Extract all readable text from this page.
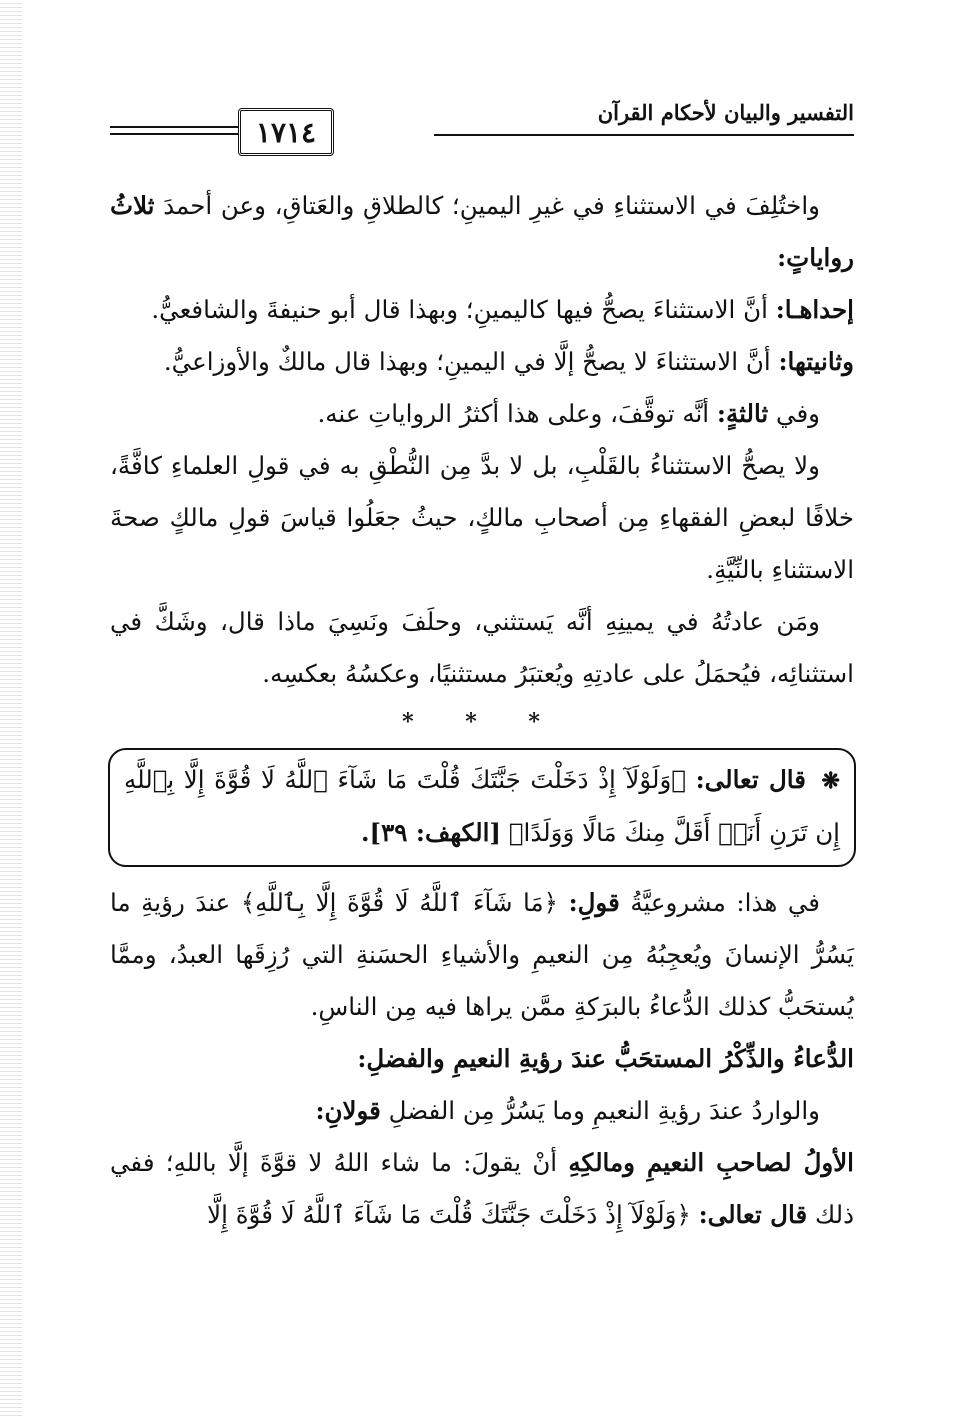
التفسير والبيان لأحكام القرآن
١٧١٤

واختُلِفَ في الاستثناءِ في غيرِ اليمينِ؛ كالطلاقِ والعَتاقِ، وعن أحمدَ ثلاثُ رواياتٍ:

إحداهـا: أنَّ الاستثناءَ يصحُّ فيها كاليمينِ؛ وبهذا قال أبو حنيفةَ والشافعيُّ.

وثانيتها: أنَّ الاستثناءَ لا يصحُّ إلَّا في اليمينِ؛ وبهذا قال مالكٌ والأوزاعيُّ.

وفي ثالثةٍ: أنَّه توقَّفَ، وعلى هذا أكثرُ الرواياتِ عنه.

ولا يصحُّ الاستثناءُ بالقَلْبِ، بل لا بدَّ مِن النُّطْقِ به في قولِ العلماءِ كافَّةً، خلافًا لبعضِ الفقهاءِ مِن أصحابِ مالكٍ، حيثُ جعَلُوا قياسَ قولِ مالكٍ صحةَ الاستثناءِ بالنِّيَّةِ.

ومَن عادتُهُ في يمينِهِ أنَّه يَستثني، وحلَفَ ونَسِيَ ماذا قال، وشَكَّ في استثنائِه، فيُحمَلُ على عادتِهِ ويُعتبَرُ مستثنيًا، وعكسُهُ بعكسِه.

* * *
❋ قال تعالى: ﴿وَلَوْلَآ إِذْ دَخَلْتَ جَنَّتَكَ قُلْتَ مَا شَآءَ ٱللَّهُ لَا قُوَّةَ إِلَّا بِٱللَّهِ إِن تَرَنِ أَنَا۠ أَقَلَّ مِنكَ مَالًا وَوَلَدًا﴾ [الكهف: ٣٩].

في هذا: مشروعيَّةُ قولِ: ﴿مَا شَآءَ ٱللَّهُ لَا قُوَّةَ إِلَّا بِٱللَّهِ﴾ عندَ رؤيةِ ما يَسُرُّ الإنسانَ ويُعجِبُهُ مِن النعيمِ والأشياءِ الحسَنةِ التي رُزِقَها العبدُ، وممَّا يُستحَبُّ كذلك الدُّعاءُ بالبرَكةِ ممَّن يراها فيه مِن الناسِ.

الدُّعاءُ والذِّكْرُ المستحَبُّ عندَ رؤيةِ النعيمِ والفضلِ:

والواردُ عندَ رؤيةِ النعيمِ وما يَسُرُّ مِن الفضلِ قولانِ:

الأولُ لصاحبِ النعيمِ ومالكِهِ أنْ يقولَ: ما شاء اللهُ لا قوَّةَ إلَّا باللهِ؛ ففي ذلك قال تعالى: ﴿وَلَوْلَآ إِذْ دَخَلْتَ جَنَّتَكَ قُلْتَ مَا شَآءَ ٱللَّهُ لَا قُوَّةَ إِلَّا
